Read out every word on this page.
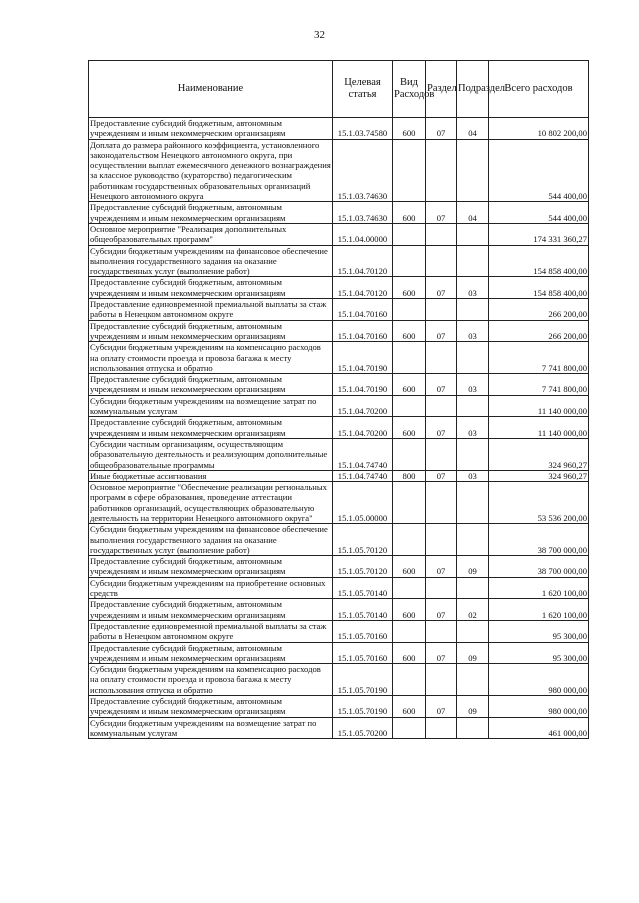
32
Наименование	Целевая статья	Вид Расходов	Раздел	Подраздел	Всего расходов
Предоставление субсидий бюджетным, автономным учреждениям и иным некоммерческим организациям	15.1.03.74580	600	07	04	10 802 200,00
Доплата до размера районного коэффициента, установленного законодательством Ненецкого автономного округа, при осуществлении выплат ежемесячного денежного вознаграждения за классное руководство (кураторство) педагогическим работникам государственных образовательных организаций Ненецкого автономного округа	15.1.03.74630				544 400,00
Предоставление субсидий бюджетным, автономным учреждениям и иным некоммерческим организациям	15.1.03.74630	600	07	04	544 400,00
Основное мероприятие "Реализация дополнительных общеобразовательных программ"	15.1.04.00000				174 331 360,27
Субсидии бюджетным учреждениям на финансовое обеспечение выполнения государственного задания на оказание государственных услуг (выполнение работ)	15.1.04.70120				154 858 400,00
Предоставление субсидий бюджетным, автономным учреждениям и иным некоммерческим организациям	15.1.04.70120	600	07	03	154 858 400,00
Предоставление единовременной премиальной выплаты за стаж работы в Ненецком автономном округе	15.1.04.70160				266 200,00
Предоставление субсидий бюджетным, автономным учреждениям и иным некоммерческим организациям	15.1.04.70160	600	07	03	266 200,00
Субсидии бюджетным учреждениям на компенсацию расходов на оплату стоимости проезда и провоза багажа к месту использования отпуска и обратно	15.1.04.70190				7 741 800,00
Предоставление субсидий бюджетным, автономным учреждениям и иным некоммерческим организациям	15.1.04.70190	600	07	03	7 741 800,00
Субсидии бюджетным учреждениям на возмещение затрат по коммунальным услугам	15.1.04.70200				11 140 000,00
Предоставление субсидий бюджетным, автономным учреждениям и иным некоммерческим организациям	15.1.04.70200	600	07	03	11 140 000,00
Субсидии частным организациям, осуществляющим образовательную деятельность и реализующим дополнительные общеобразовательные программы	15.1.04.74740				324 960,27
Иные бюджетные ассигнования	15.1.04.74740	800	07	03	324 960,27
Основное мероприятие "Обеспечение реализации региональных программ в сфере образования, проведение аттестации работников организаций, осуществляющих образовательную деятельность на территории Ненецкого автономного округа"	15.1.05.00000				53 536 200,00
Субсидии бюджетным учреждениям на финансовое обеспечение выполнения государственного задания на оказание государственных услуг (выполнение работ)	15.1.05.70120				38 700 000,00
Предоставление субсидий бюджетным, автономным учреждениям и иным некоммерческим организациям	15.1.05.70120	600	07	09	38 700 000,00
Субсидии бюджетным учреждениям на приобретение основных средств	15.1.05.70140				1 620 100,00
Предоставление субсидий бюджетным, автономным учреждениям и иным некоммерческим организациям	15.1.05.70140	600	07	02	1 620 100,00
Предоставление единовременной премиальной выплаты за стаж работы в Ненецком автономном округе	15.1.05.70160				95 300,00
Предоставление субсидий бюджетным, автономным учреждениям и иным некоммерческим организациям	15.1.05.70160	600	07	09	95 300,00
Субсидии бюджетным учреждениям на компенсацию расходов на оплату стоимости проезда и провоза багажа к месту использования отпуска и обратно	15.1.05.70190				980 000,00
Предоставление субсидий бюджетным, автономным учреждениям и иным некоммерческим организациям	15.1.05.70190	600	07	09	980 000,00
Субсидии бюджетным учреждениям на возмещение затрат по коммунальным услугам	15.1.05.70200				461 000,00
